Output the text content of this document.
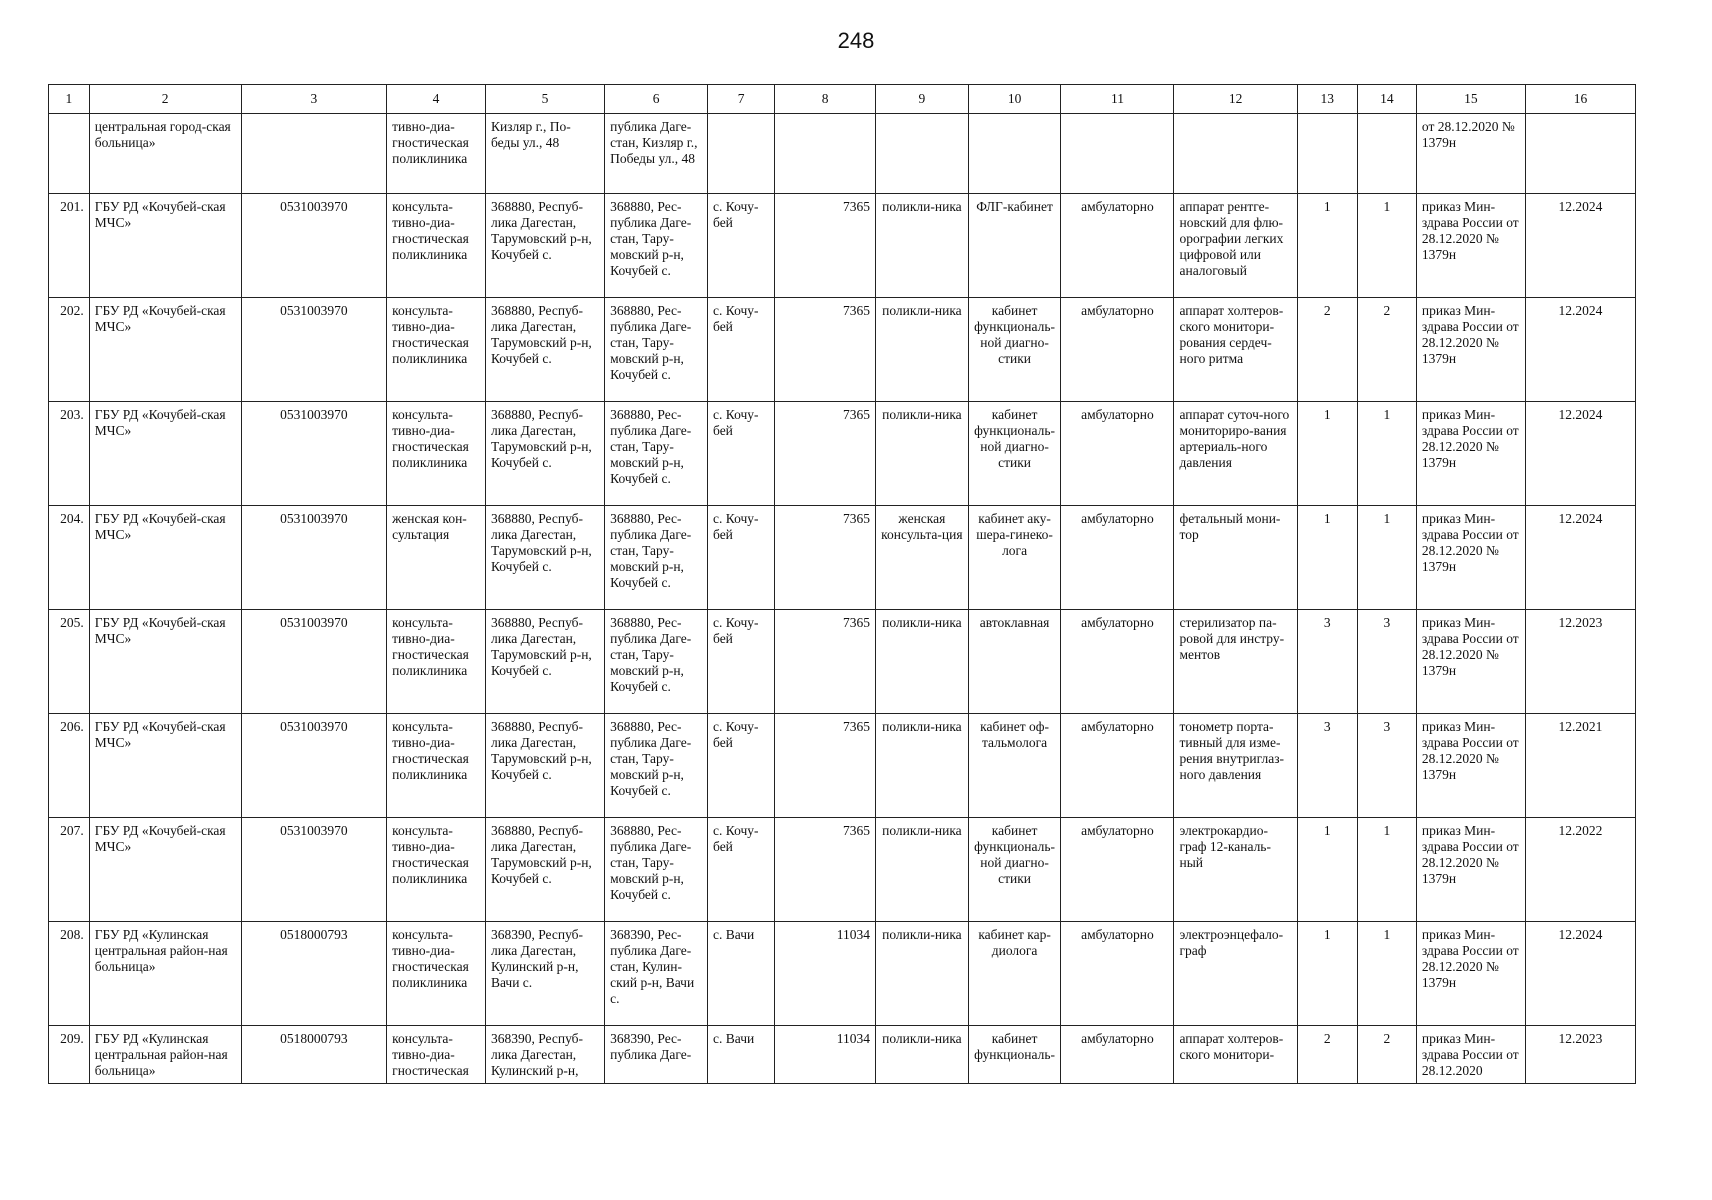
248
1	2	3	4	5	6	7	8	9	10	11	12	13	14	15	16
	центральная город-ская больница»		тивно-диа-гностическая поликлиника	Кизляр г., По-беды ул., 48	публика Даге-стан, Кизляр г., Победы ул., 48									от 28.12.2020 № 1379н	
201.	ГБУ РД «Кочубей-ская МЧС»	0531003970	консульта-тивно-диа-гностическая поликлиника	368880, Респуб-лика Дагестан, Тарумовский р-н, Кочубей с.	368880, Рес-публика Даге-стан, Тару-мовский р-н, Кочубей с.	с. Кочу-бей	7365	поликли-ника	ФЛГ-кабинет	амбулаторно	аппарат рентге-новский для флю-орографии легких цифровой или аналоговый	1	1	приказ Мин-здрава России от 28.12.2020 № 1379н	12.2024
202.	ГБУ РД «Кочубей-ская МЧС»	0531003970	консульта-тивно-диа-гностическая поликлиника	368880, Респуб-лика Дагестан, Тарумовский р-н, Кочубей с.	368880, Рес-публика Даге-стан, Тару-мовский р-н, Кочубей с.	с. Кочу-бей	7365	поликли-ника	кабинет функциональ-ной диагно-стики	амбулаторно	аппарат холтеров-ского монитори-рования сердеч-ного ритма	2	2	приказ Мин-здрава России от 28.12.2020 № 1379н	12.2024
203.	ГБУ РД «Кочубей-ская МЧС»	0531003970	консульта-тивно-диа-гностическая поликлиника	368880, Респуб-лика Дагестан, Тарумовский р-н, Кочубей с.	368880, Рес-публика Даге-стан, Тару-мовский р-н, Кочубей с.	с. Кочу-бей	7365	поликли-ника	кабинет функциональ-ной диагно-стики	амбулаторно	аппарат суточ-ного мониториро-вания артериаль-ного давления	1	1	приказ Мин-здрава России от 28.12.2020 № 1379н	12.2024
204.	ГБУ РД «Кочубей-ская МЧС»	0531003970	женская кон-сультация	368880, Респуб-лика Дагестан, Тарумовский р-н, Кочубей с.	368880, Рес-публика Даге-стан, Тару-мовский р-н, Кочубей с.	с. Кочу-бей	7365	женская консульта-ция	кабинет аку-шера-гинеко-лога	амбулаторно	фетальный мони-тор	1	1	приказ Мин-здрава России от 28.12.2020 № 1379н	12.2024
205.	ГБУ РД «Кочубей-ская МЧС»	0531003970	консульта-тивно-диа-гностическая поликлиника	368880, Респуб-лика Дагестан, Тарумовский р-н, Кочубей с.	368880, Рес-публика Даге-стан, Тару-мовский р-н, Кочубей с.	с. Кочу-бей	7365	поликли-ника	автоклавная	амбулаторно	стерилизатор па-ровой для инстру-ментов	3	3	приказ Мин-здрава России от 28.12.2020 № 1379н	12.2023
206.	ГБУ РД «Кочубей-ская МЧС»	0531003970	консульта-тивно-диа-гностическая поликлиника	368880, Респуб-лика Дагестан, Тарумовский р-н, Кочубей с.	368880, Рес-публика Даге-стан, Тару-мовский р-н, Кочубей с.	с. Кочу-бей	7365	поликли-ника	кабинет оф-тальмолога	амбулаторно	тонометр порта-тивный для изме-рения внутриглаз-ного давления	3	3	приказ Мин-здрава России от 28.12.2020 № 1379н	12.2021
207.	ГБУ РД «Кочубей-ская МЧС»	0531003970	консульта-тивно-диа-гностическая поликлиника	368880, Респуб-лика Дагестан, Тарумовский р-н, Кочубей с.	368880, Рес-публика Даге-стан, Тару-мовский р-н, Кочубей с.	с. Кочу-бей	7365	поликли-ника	кабинет функциональ-ной диагно-стики	амбулаторно	электрокардио-граф 12-каналь-ный	1	1	приказ Мин-здрава России от 28.12.2020 № 1379н	12.2022
208.	ГБУ РД «Кулинская центральная район-ная больница»	0518000793	консульта-тивно-диа-гностическая поликлиника	368390, Респуб-лика Дагестан, Кулинский р-н, Вачи с.	368390, Рес-публика Даге-стан, Кулин-ский р-н, Вачи с.	с. Вачи	11034	поликли-ника	кабинет кар-диолога	амбулаторно	электроэнцефало-граф	1	1	приказ Мин-здрава России от 28.12.2020 № 1379н	12.2024
209.	ГБУ РД «Кулинская центральная район-ная больница»	0518000793	консульта-тивно-диа-гностическая	368390, Респуб-лика Дагестан, Кулинский р-н,	368390, Рес-публика Даге-	с. Вачи	11034	поликли-ника	кабинет функциональ-	амбулаторно	аппарат холтеров-ского монитори-	2	2	приказ Мин-здрава России от 28.12.2020	12.2023
